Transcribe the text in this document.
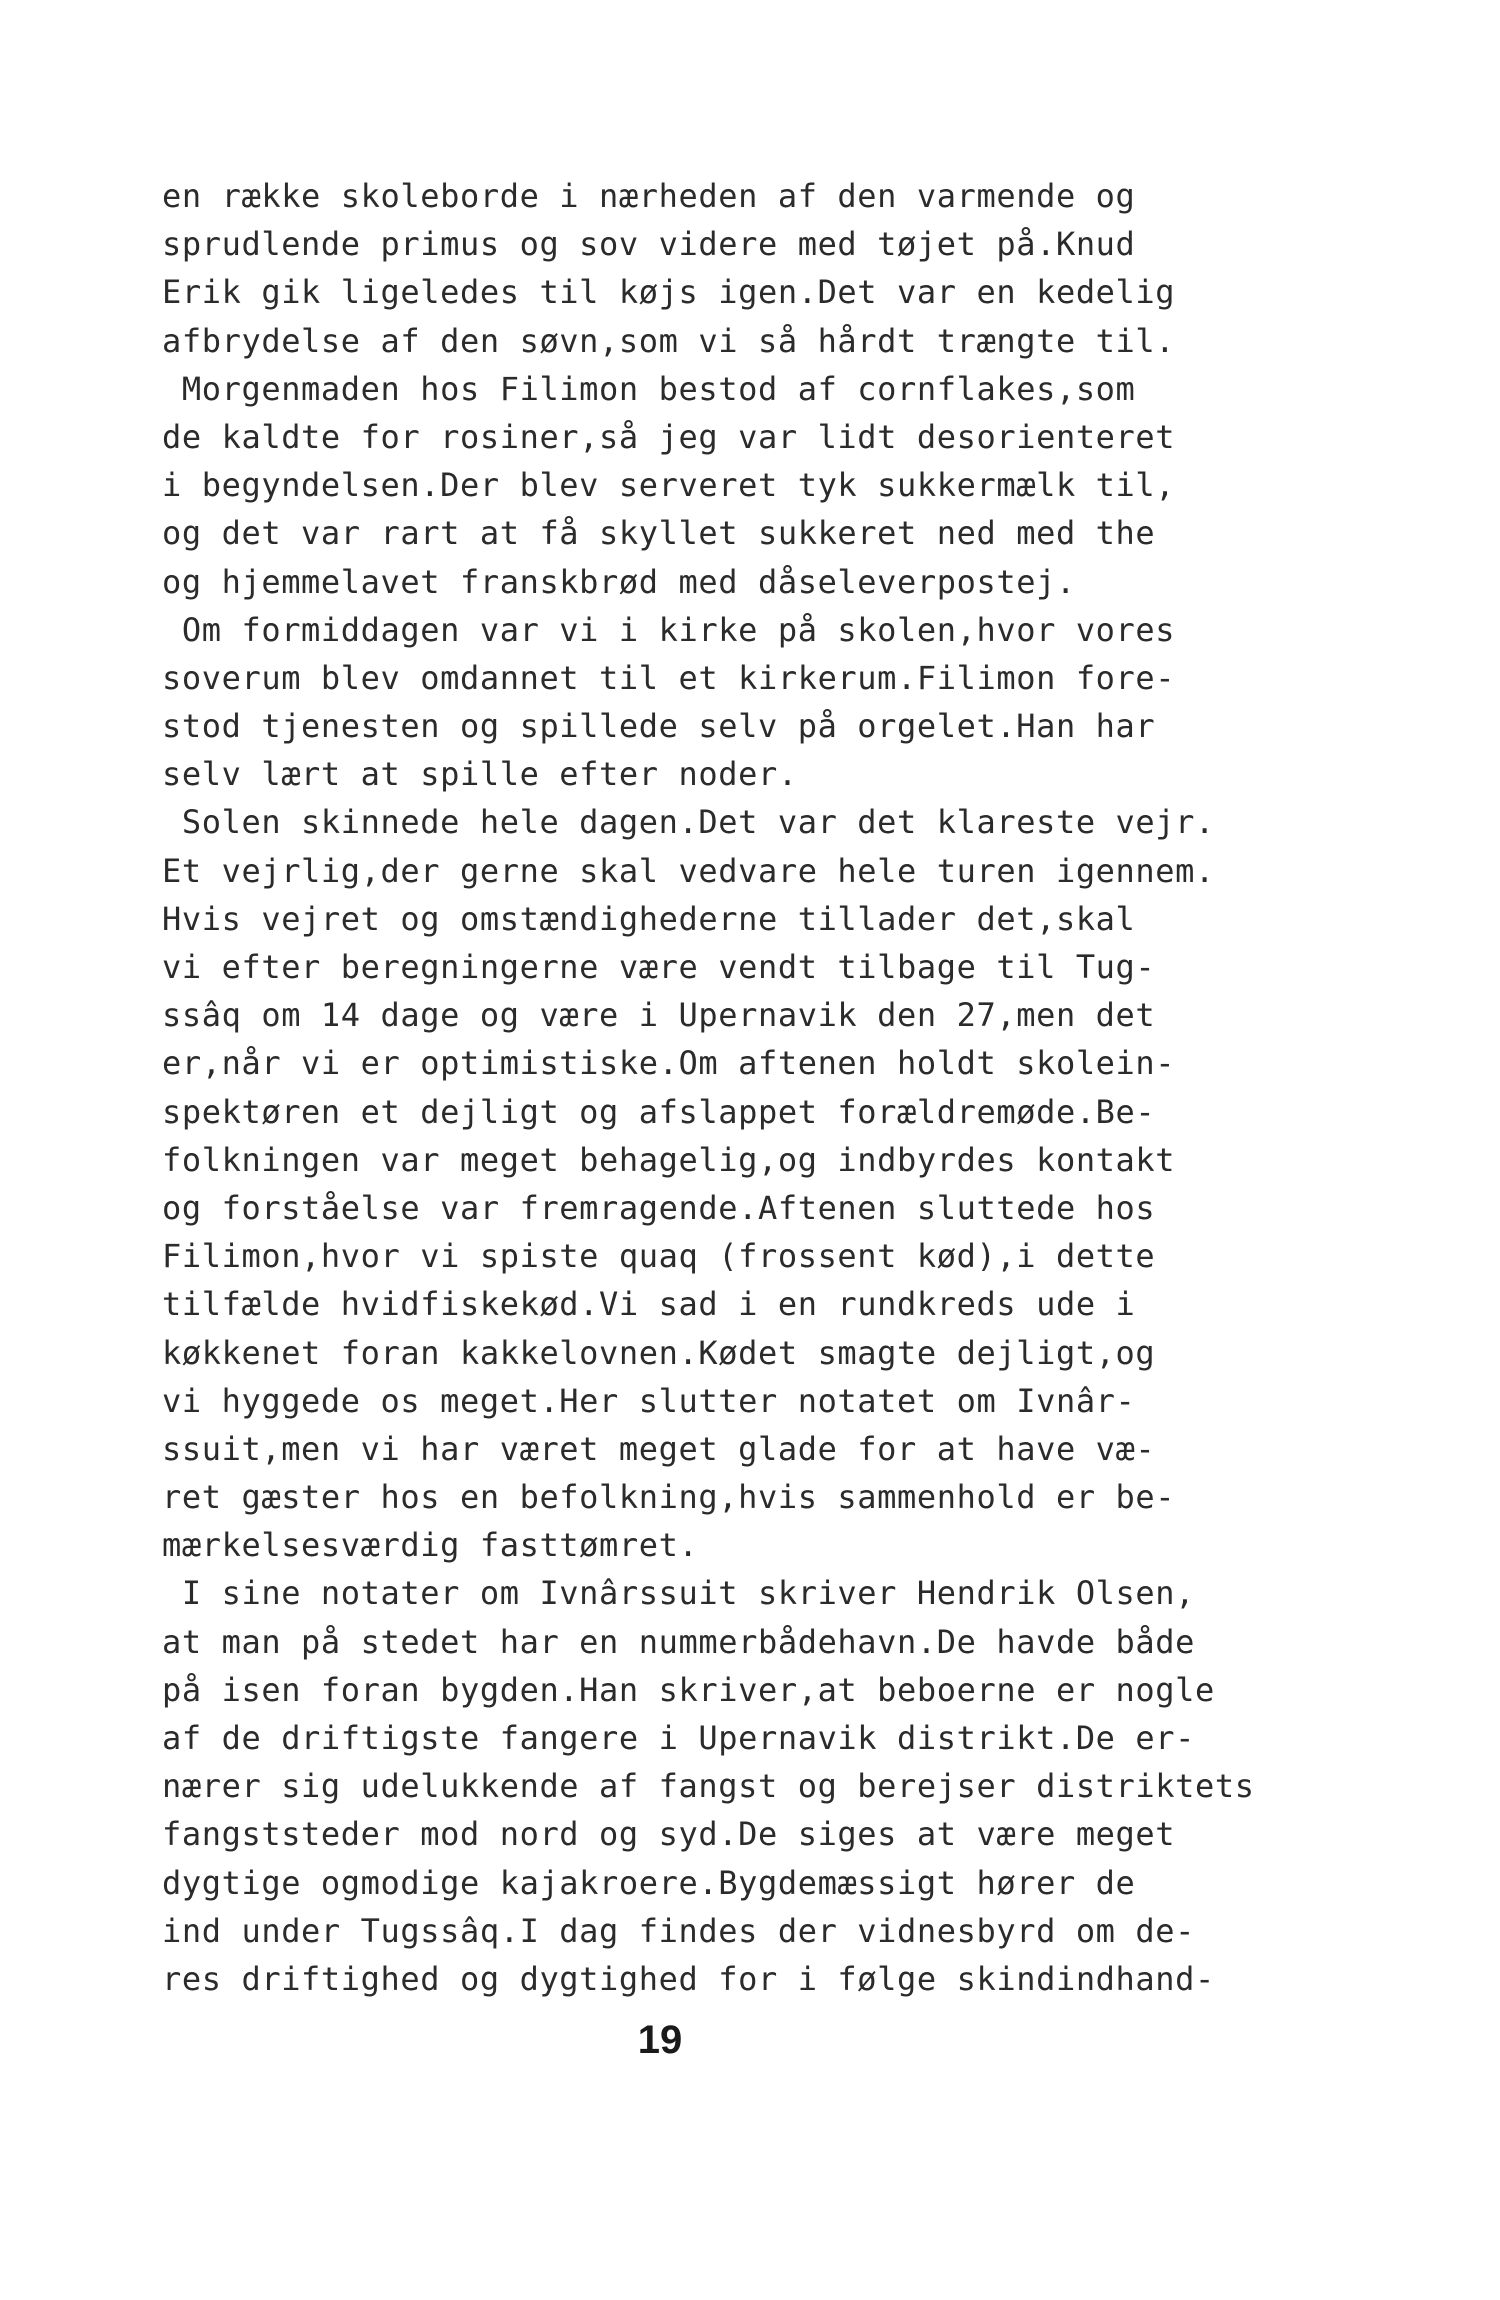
en række skoleborde i nærheden af den varmende og
sprudlende primus og sov videre med tøjet på.Knud
Erik gik ligeledes til køjs igen.Det var en kedelig
afbrydelse af den søvn,som vi så hårdt trængte til.
Morgenmaden hos Filimon bestod af cornflakes,som
de kaldte for rosiner,så jeg var lidt desorienteret
i begyndelsen.Der blev serveret tyk sukkermælk til,
og det var rart at få skyllet sukkeret ned med the
og hjemmelavet franskbrød med dåseleverpostej.
Om formiddagen var vi i kirke på skolen,hvor vores
soverum blev omdannet til et kirkerum.Filimon fore-
stod tjenesten og spillede selv på orgelet.Han har
selv lært at spille efter noder.
Solen skinnede hele dagen.Det var det klareste vejr.
Et vejrlig,der gerne skal vedvare hele turen igennem.
Hvis vejret og omstændighederne tillader det,skal
vi efter beregningerne være vendt tilbage til Tug-
ssâq om 14 dage og være i Upernavik den 27,men det
er,når vi er optimistiske.Om aftenen holdt skolein-
spektøren et dejligt og afslappet forældremøde.Be-
folkningen var meget behagelig,og indbyrdes kontakt
og forståelse var fremragende.Aftenen sluttede hos
Filimon,hvor vi spiste quaq (frossent kød),i dette
tilfælde hvidfiskekød.Vi sad i en rundkreds ude i
køkkenet foran kakkelovnen.Kødet smagte dejligt,og
vi hyggede os meget.Her slutter notatet om Ivnâr-
ssuit,men vi har været meget glade for at have væ-
ret gæster hos en befolkning,hvis sammenhold er be-
mærkelsesværdig fasttømret.
I sine notater om Ivnârssuit skriver Hendrik Olsen,
at man på stedet har en nummerbådehavn.De havde både
på isen foran bygden.Han skriver,at beboerne er nogle
af de driftigste fangere i Upernavik distrikt.De er-
nærer sig udelukkende af fangst og berejser distriktets
fangststeder mod nord og syd.De siges at være meget
dygtige ogmodige kajakroere.Bygdemæssigt hører de
ind under Tugssâq.I dag findes der vidnesbyrd om de-
res driftighed og dygtighed for i følge skindindhand-
19
